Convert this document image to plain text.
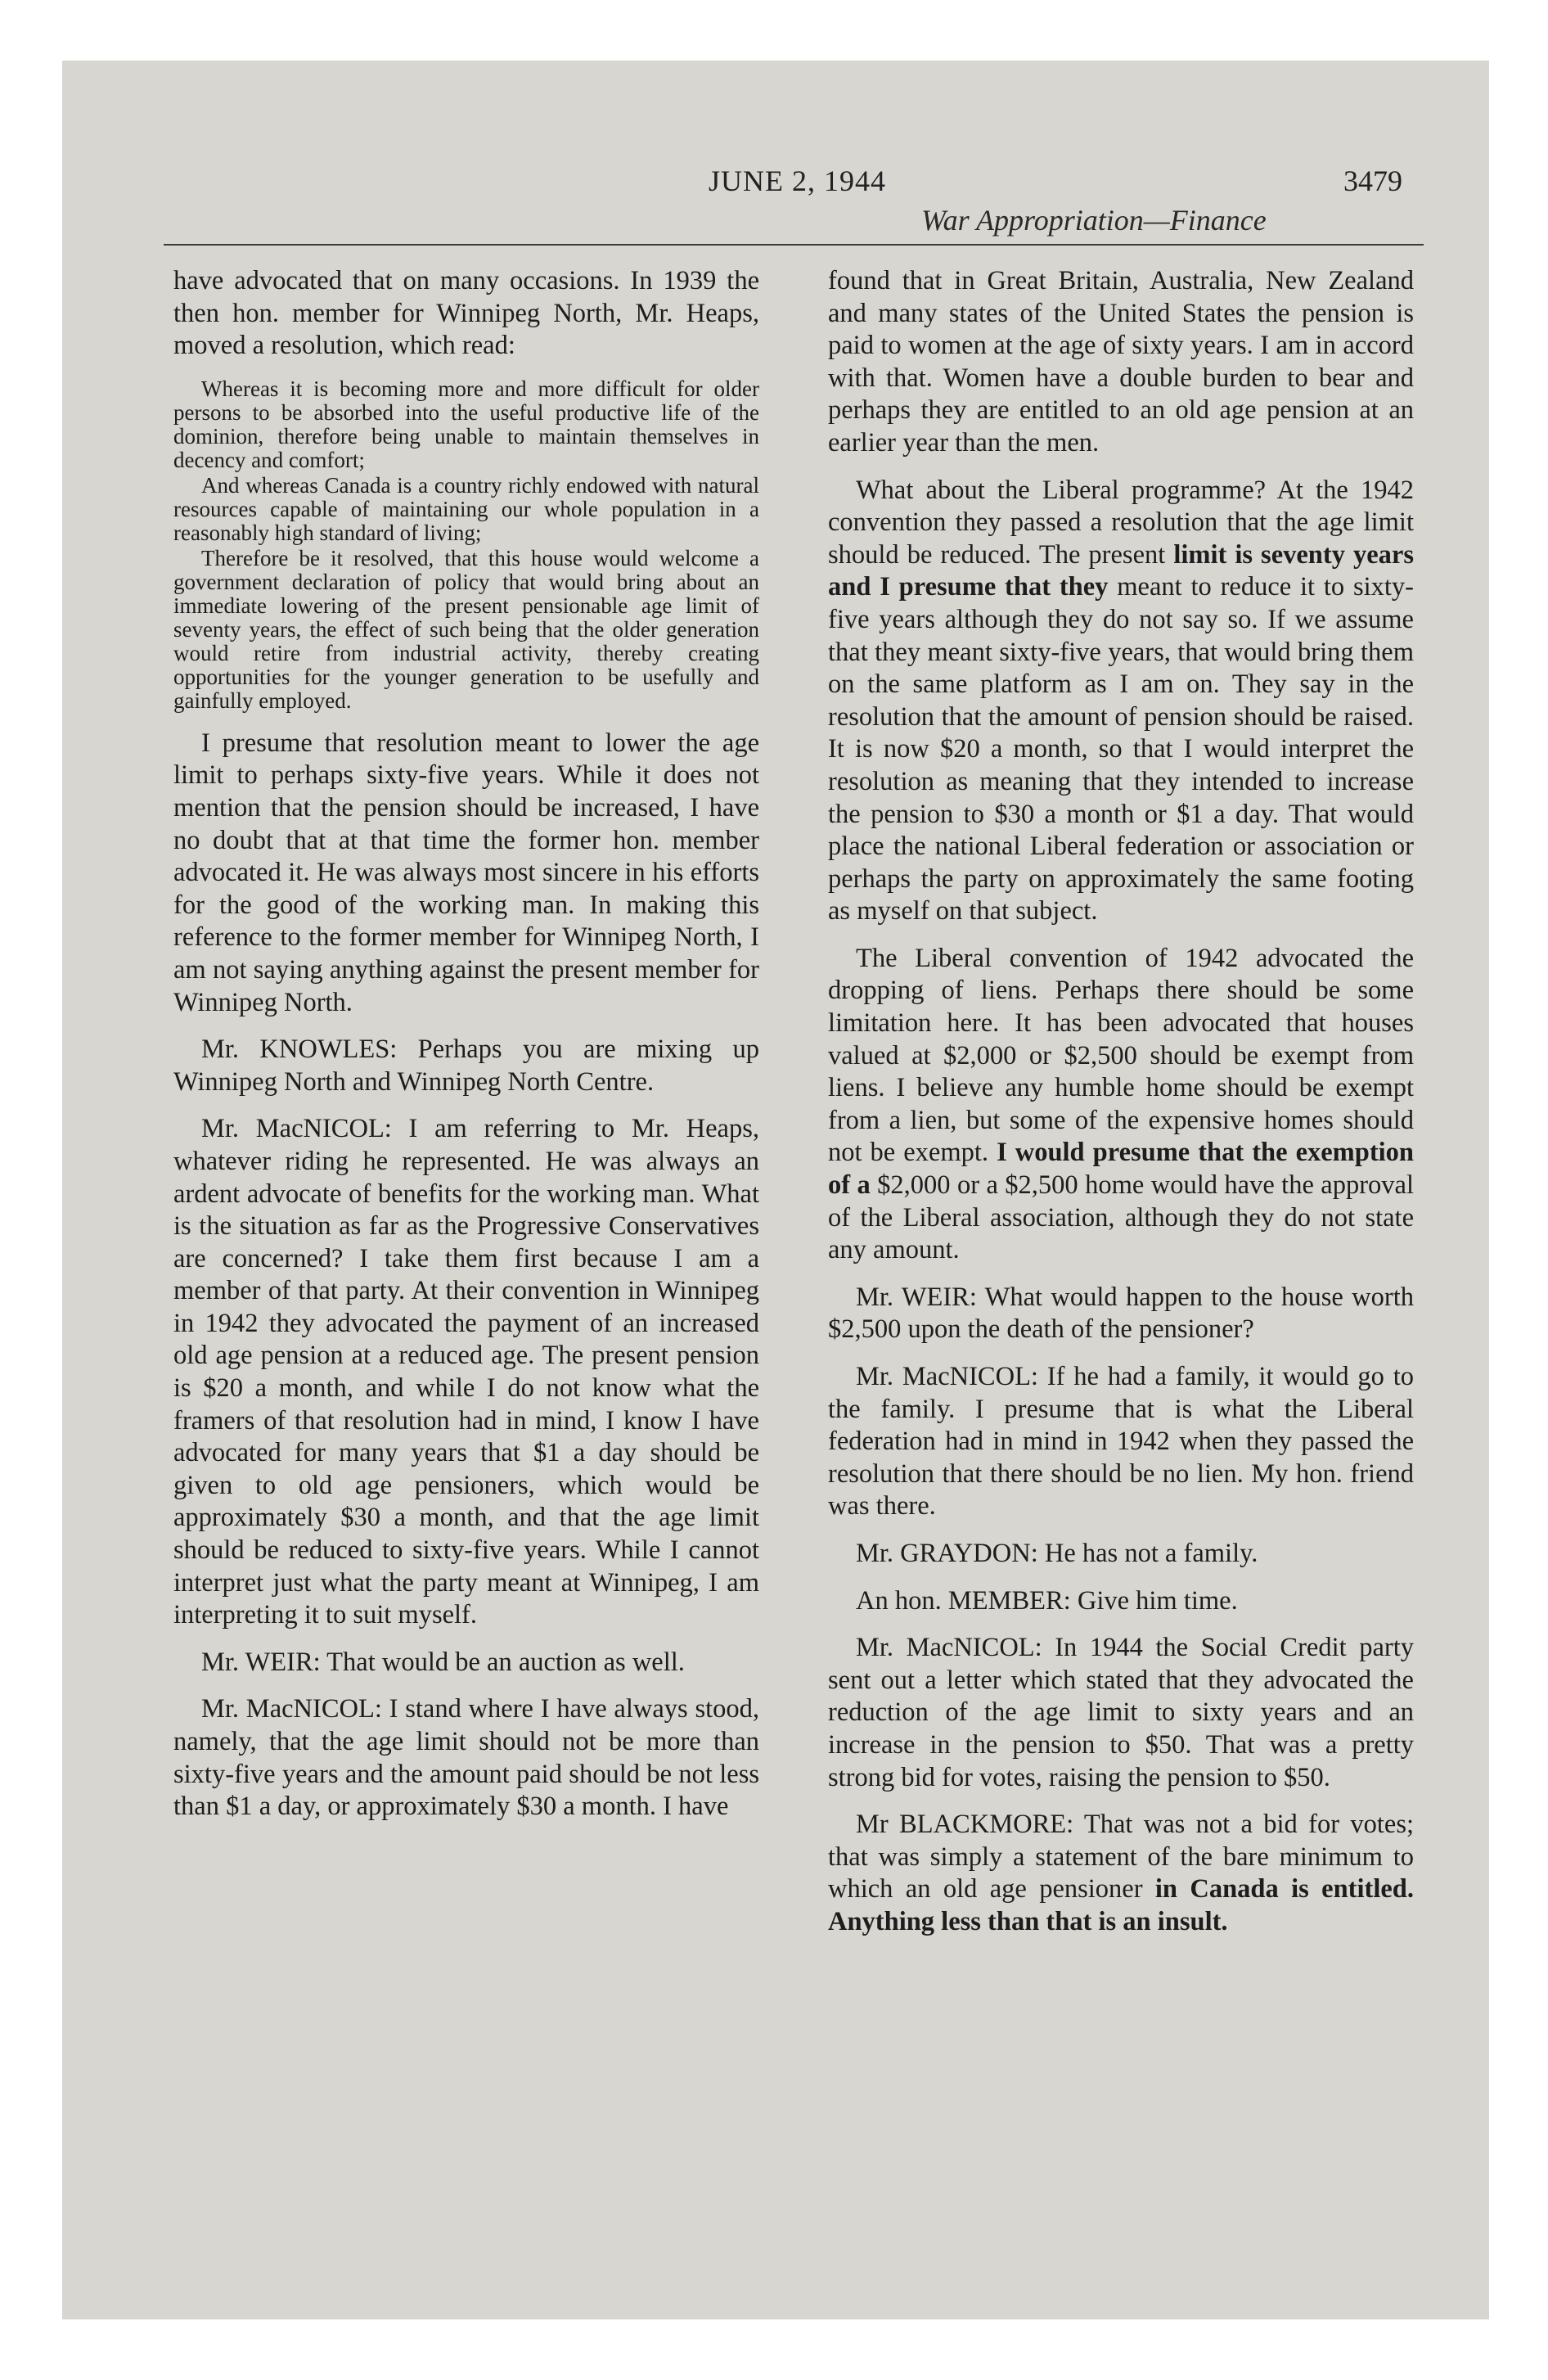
JUNE 2, 1944	3479
War Appropriation—Finance

have advocated that on many occasions. In 1939 the then hon. member for Winnipeg North, Mr. Heaps, moved a resolution, which read:

Whereas it is becoming more and more difficult for older persons to be absorbed into the useful productive life of the dominion, therefore being unable to maintain themselves in decency and comfort;

And whereas Canada is a country richly endowed with natural resources capable of maintaining our whole population in a reasonably high standard of living;

Therefore be it resolved, that this house would welcome a government declaration of policy that would bring about an immediate lowering of the present pensionable age limit of seventy years, the effect of such being that the older generation would retire from industrial activity, thereby creating opportunities for the younger generation to be usefully and gainfully employed.

I presume that resolution meant to lower the age limit to perhaps sixty-five years. While it does not mention that the pension should be increased, I have no doubt that at that time the former hon. member advocated it. He was always most sincere in his efforts for the good of the working man. In making this reference to the former member for Winnipeg North, I am not saying anything against the present member for Winnipeg North.

Mr. KNOWLES: Perhaps you are mixing up Winnipeg North and Winnipeg North Centre.

Mr. MacNICOL: I am referring to Mr. Heaps, whatever riding he represented. He was always an ardent advocate of benefits for the working man. What is the situation as far as the Progressive Conservatives are concerned? I take them first because I am a member of that party. At their convention in Winnipeg in 1942 they advocated the payment of an increased old age pension at a reduced age. The present pension is $20 a month, and while I do not know what the framers of that resolution had in mind, I know I have advocated for many years that $1 a day should be given to old age pensioners, which would be approximately $30 a month, and that the age limit should be reduced to sixty-five years. While I cannot interpret just what the party meant at Winnipeg, I am interpreting it to suit myself.

Mr. WEIR: That would be an auction as well.

Mr. MacNICOL: I stand where I have always stood, namely, that the age limit should not be more than sixty-five years and the amount paid should be not less than $1 a day, or approximately $30 a month. I have

found that in Great Britain, Australia, New Zealand and many states of the United States the pension is paid to women at the age of sixty years. I am in accord with that. Women have a double burden to bear and perhaps they are entitled to an old age pension at an earlier year than the men.

What about the Liberal programme? At the 1942 convention they passed a resolution that the age limit should be reduced. The present limit is seventy years and I presume that they meant to reduce it to sixty-five years although they do not say so. If we assume that they meant sixty-five years, that would bring them on the same platform as I am on. They say in the resolution that the amount of pension should be raised. It is now $20 a month, so that I would interpret the resolution as meaning that they intended to increase the pension to $30 a month or $1 a day. That would place the national Liberal federation or association or perhaps the party on approximately the same footing as myself on that subject.

The Liberal convention of 1942 advocated the dropping of liens. Perhaps there should be some limitation here. It has been advocated that houses valued at $2,000 or $2,500 should be exempt from liens. I believe any humble home should be exempt from a lien, but some of the expensive homes should not be exempt. I would presume that the exemption of a $2,000 or a $2,500 home would have the approval of the Liberal association, although they do not state any amount.

Mr. WEIR: What would happen to the house worth $2,500 upon the death of the pensioner?

Mr. MacNICOL: If he had a family, it would go to the family. I presume that is what the Liberal federation had in mind in 1942 when they passed the resolution that there should be no lien. My hon. friend was there.

Mr. GRAYDON: He has not a family.

An hon. MEMBER: Give him time.

Mr. MacNICOL: In 1944 the Social Credit party sent out a letter which stated that they advocated the reduction of the age limit to sixty years and an increase in the pension to $50. That was a pretty strong bid for votes, raising the pension to $50.

Mr BLACKMORE: That was not a bid for votes; that was simply a statement of the bare minimum to which an old age pensioner in Canada is entitled. Anything less than that is an insult.
